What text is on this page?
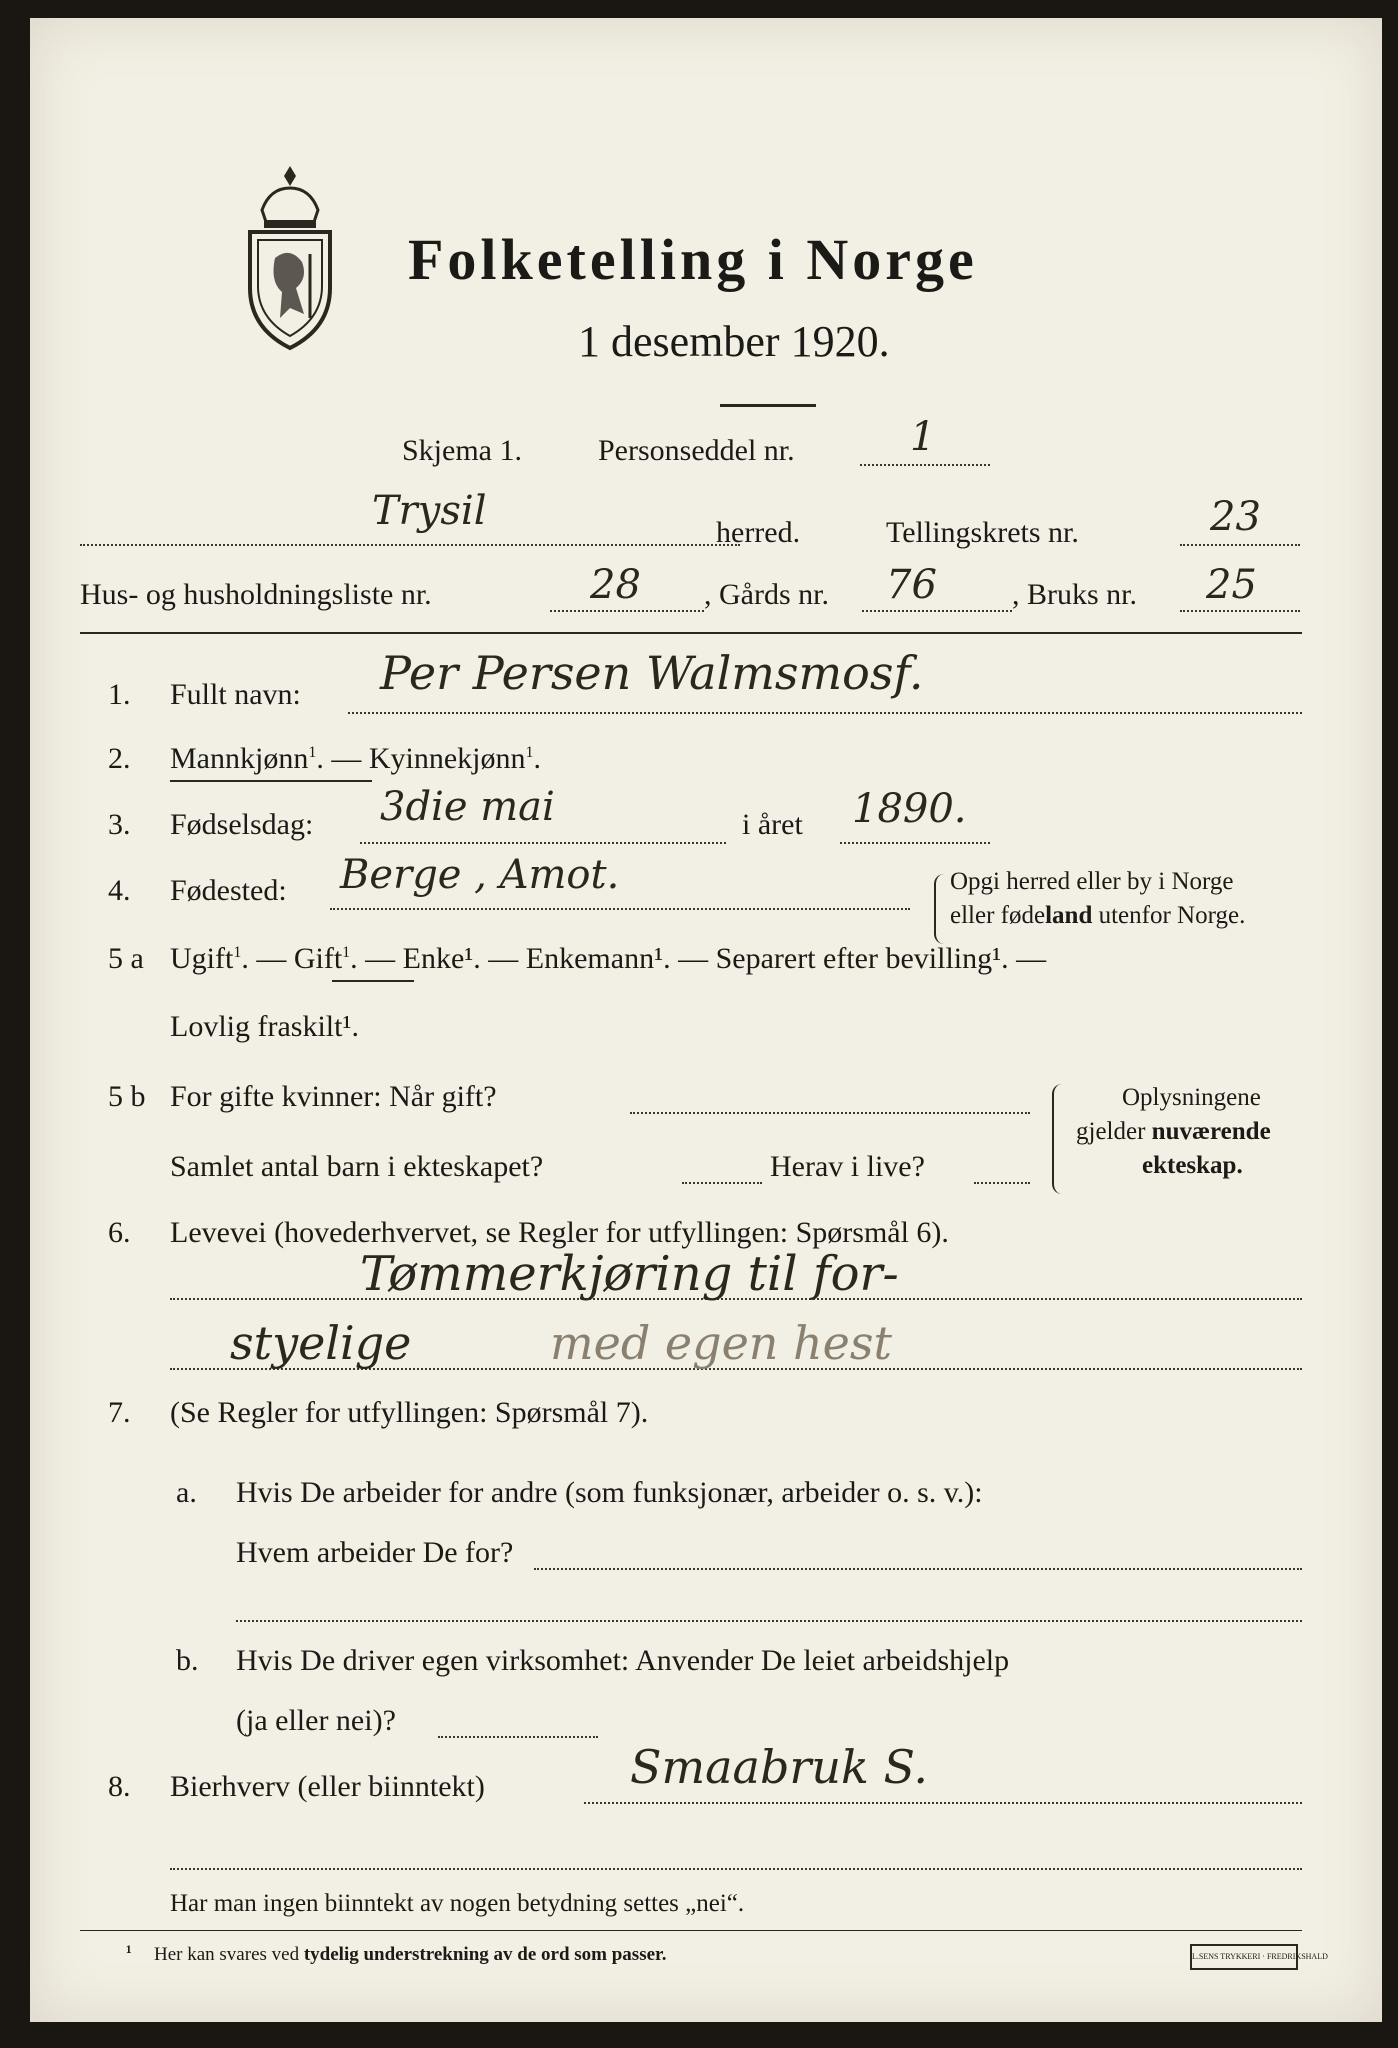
Folketelling i Norge
1 desember 1920.
Skjema 1.	Personseddel nr.	1
Trysil	herred.	Tellingskrets nr.	23
Hus- og husholdningsliste nr.	28 , Gårds nr. 76	, Bruks nr. 25
1. Fullt navn: Per Persen Walmsmosf.
2. Mannkjønn$^1$. — Kyinnekjønn$^1$.
3. Fødselsdag: 3die mai	i året 1890.
4. Fødested: Berge , Amot.	Opgi herred eller by i Norge
eller fødeland utenfor Norge.
5 a Ugift$^1$. — Gift$^1$. — Enke¹. — Enkemann¹. — Separert efter bevilling¹. —
Lovlig fraskilt¹.
5 b For gifte kvinner: Når gift?
Samlet antal barn i ekteskapet?	Herav i live?
Oplysningene
gjelder nuværende
ekteskap.
6. Levevei (hovederhvervet, se Regler for utfyllingen: Spørsmål 6).
Tømmerkjøring til for-
styelige	med egen hest
7. (Se Regler for utfyllingen: Spørsmål 7).
a. Hvis De arbeider for andre (som funksjonær, arbeider o. s. v.):
Hvem arbeider De for?
b. Hvis De driver egen virksomhet: Anvender De leiet arbeidshjelp
(ja eller nei)?
8. Bierhverv (eller biinntekt)	Smaabruk S.
Har man ingen biinntekt av nogen betydning settes „nei“.
¹ Her kan svares ved tydelig understrekning av de ord som passer.	L.SENS TRYKKERI · FREDRIKSHALD
